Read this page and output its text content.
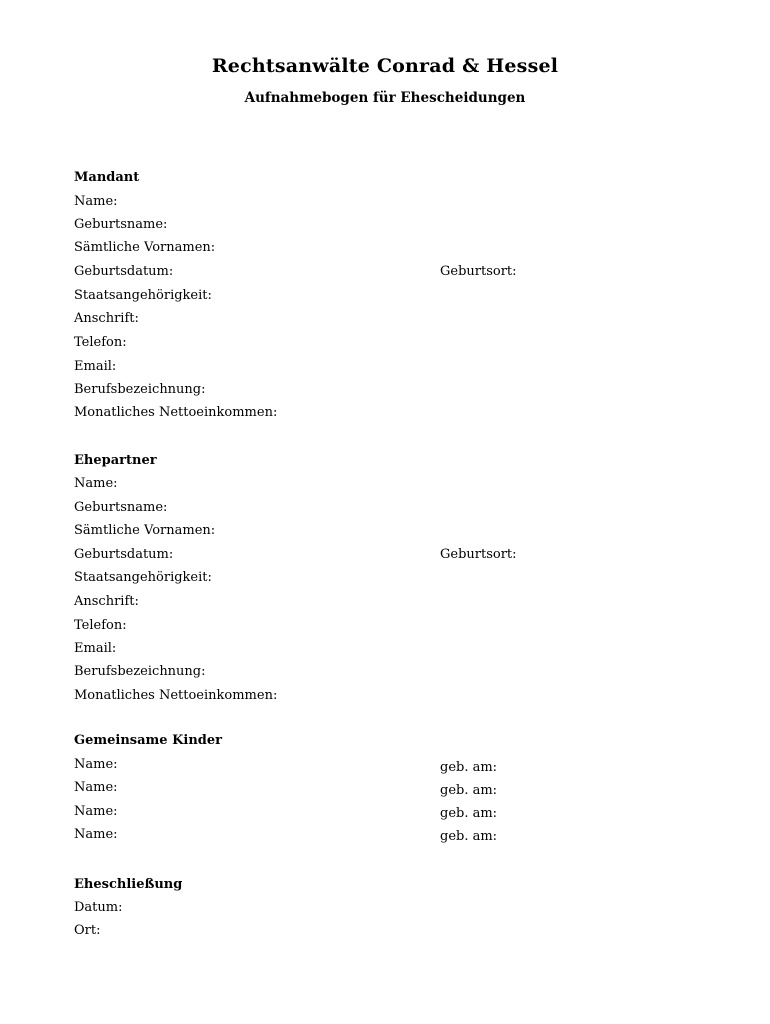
Rechtsanwälte Conrad & Hessel
Aufnahmebogen für Ehescheidungen
Mandant
Name:
Geburtsname:
Sämtliche Vornamen:
Geburtsdatum:	Geburtsort:
Staatsangehörigkeit:
Anschrift:
Telefon:
Email:
Berufsbezeichnung:
Monatliches Nettoeinkommen:
Ehepartner
Name:
Geburtsname:
Sämtliche Vornamen:
Geburtsdatum:	Geburtsort:
Staatsangehörigkeit:
Anschrift:
Telefon:
Email:
Berufsbezeichnung:
Monatliches Nettoeinkommen:
Gemeinsame Kinder
Name:	geb. am:
Name:	geb. am:
Name:	geb. am:
Name:	geb. am:
Eheschließung
Datum:
Ort:
